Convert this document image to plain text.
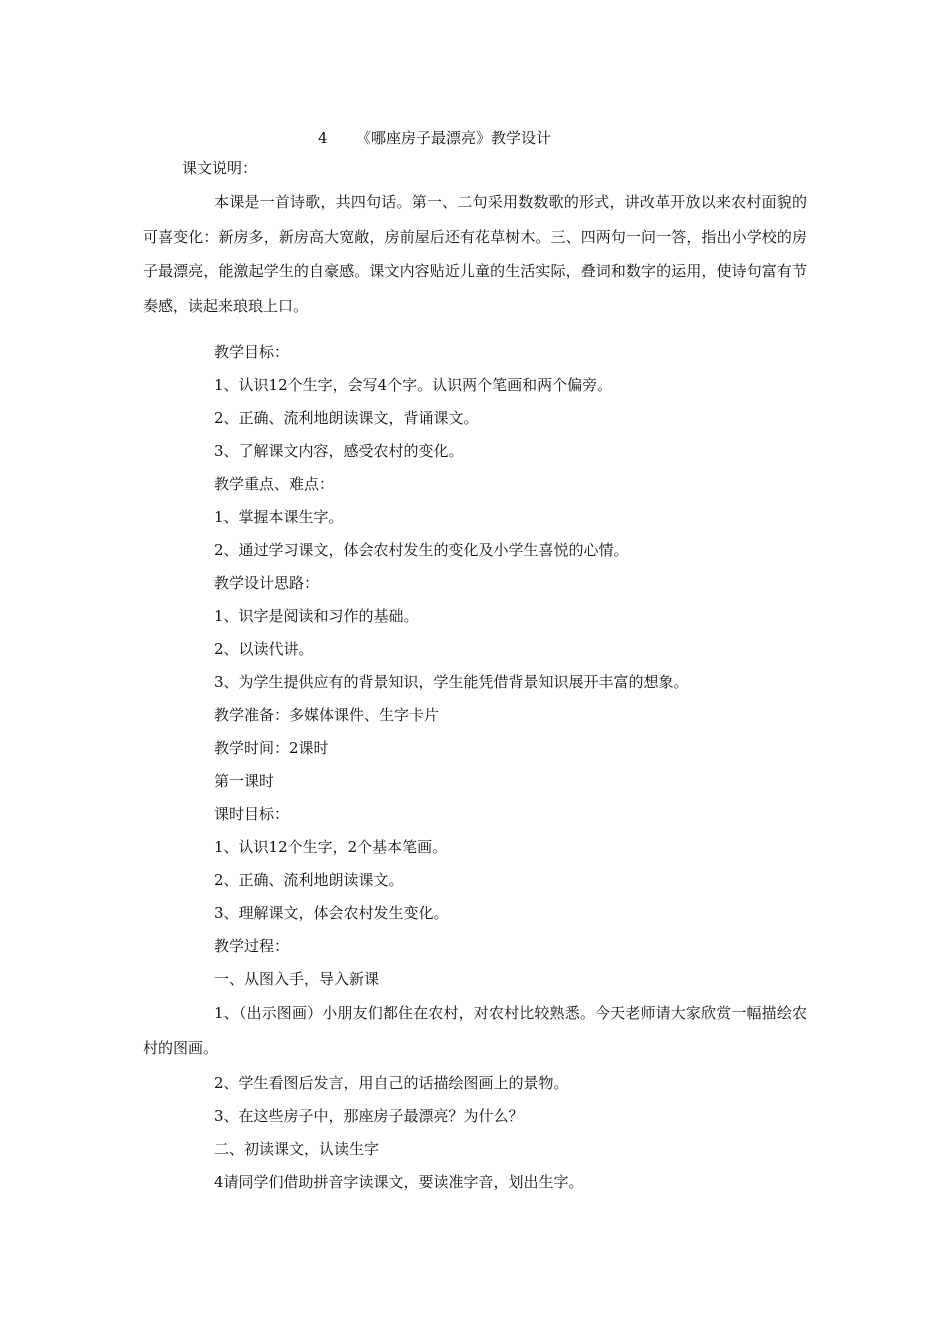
4 《哪座房子最漂亮》教学设计
课文说明：
本课是一首诗歌，共四句话。第一、二句采用数数歌的形式，讲改革开放以来农村面貌的可喜变化：新房多，新房高大宽敞，房前屋后还有花草树木。三、四两句一问一答，指出小学校的房子最漂亮，能激起学生的自豪感。课文内容贴近儿童的生活实际，叠词和数字的运用，使诗句富有节奏感，读起来琅琅上口。
教学目标：
1、认识12个生字，会写4个字。认识两个笔画和两个偏旁。
2、正确、流利地朗读课文，背诵课文。
3、了解课文内容，感受农村的变化。
教学重点、难点：
1、掌握本课生字。
2、通过学习课文，体会农村发生的变化及小学生喜悦的心情。
教学设计思路：
1、识字是阅读和习作的基础。
2、以读代讲。
3、为学生提供应有的背景知识，学生能凭借背景知识展开丰富的想象。
教学准备：多媒体课件、生字卡片
教学时间：2课时
第一课时
课时目标：
1、认识12个生字，2个基本笔画。
2、正确、流利地朗读课文。
3、理解课文，体会农村发生变化。
教学过程：
一、从图入手，导入新课
1、（出示图画）小朋友们都住在农村，对农村比较熟悉。今天老师请大家欣赏一幅描绘农村的图画。
2、学生看图后发言，用自己的话描绘图画上的景物。
3、在这些房子中，那座房子最漂亮？为什么？
二、初读课文，认读生字
4请同学们借助拼音字读课文，要读准字音，划出生字。
